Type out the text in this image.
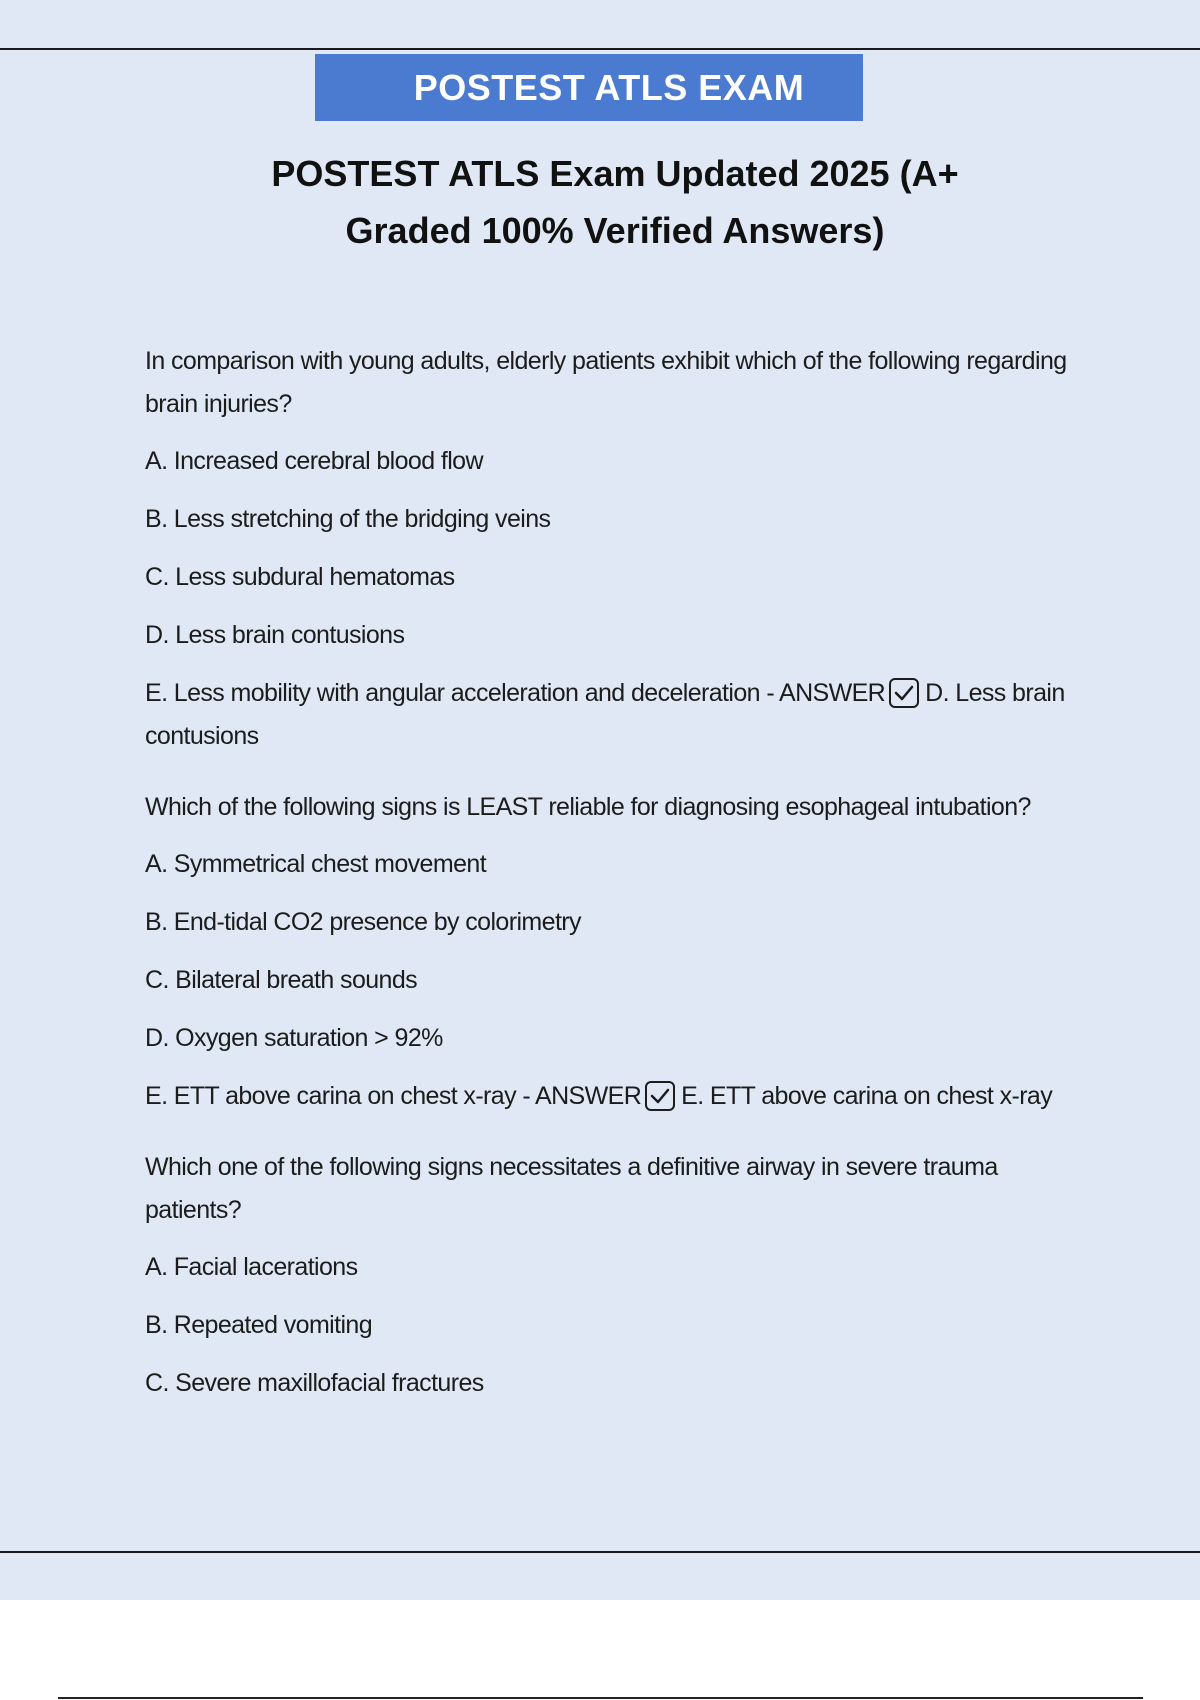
POSTEST ATLS EXAM
POSTEST ATLS Exam Updated 2025 (A+
Graded 100% Verified Answers)

In comparison with young adults, elderly patients exhibit which of the following regarding brain injuries?

A. Increased cerebral blood flow

B. Less stretching of the bridging veins

C. Less subdural hematomas

D. Less brain contusions

E. Less mobility with angular acceleration and deceleration - ANSWER D. Less brain contusions

Which of the following signs is LEAST reliable for diagnosing esophageal intubation?

A. Symmetrical chest movement

B. End-tidal CO2 presence by colorimetry

C. Bilateral breath sounds

D. Oxygen saturation > 92%

E. ETT above carina on chest x-ray - ANSWER E. ETT above carina on chest x-ray

Which one of the following signs necessitates a definitive airway in severe trauma patients?

A. Facial lacerations

B. Repeated vomiting

C. Severe maxillofacial fractures
